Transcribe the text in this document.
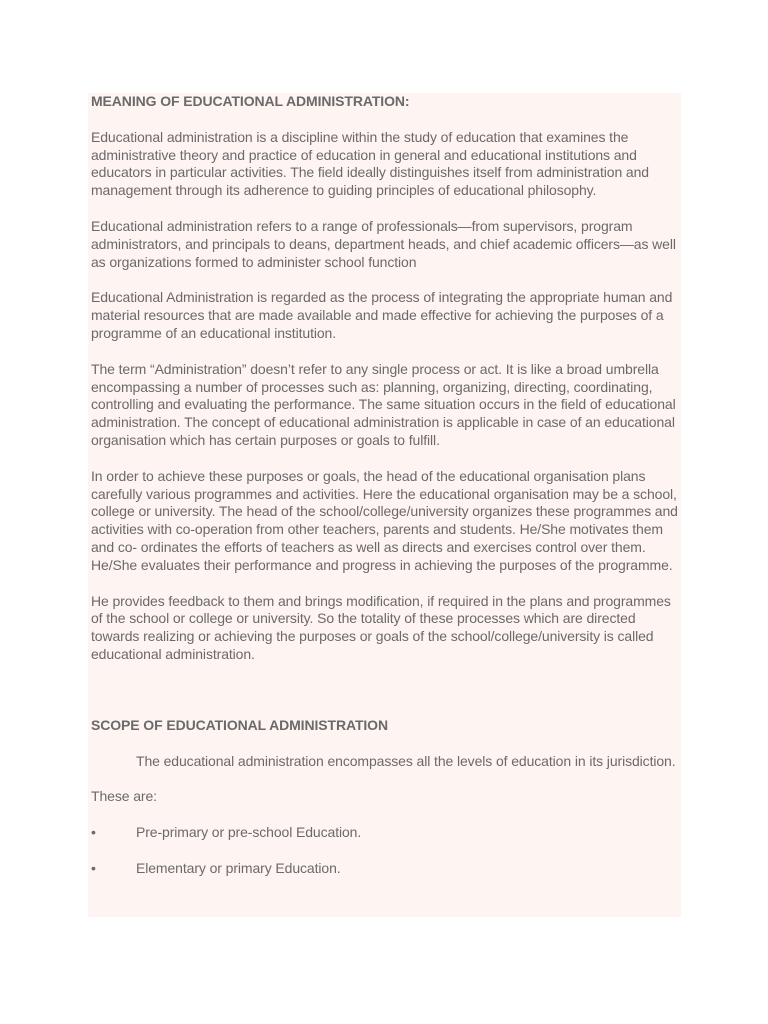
MEANING OF EDUCATIONAL ADMINISTRATION:

Educational administration is a discipline within the study of education that examines the administrative theory and practice of education in general and educational institutions and educators in particular activities. The field ideally distinguishes itself from administration and management through its adherence to guiding principles of educational philosophy.

Educational administration refers to a range of professionals—from supervisors, program administrators, and principals to deans, department heads, and chief academic officers—as well as organizations formed to administer school function

Educational Administration is regarded as the process of integrating the appropriate human and material resources that are made available and made effective for achieving the purposes of a programme of an educational institution.

The term “Administration” doesn’t refer to any single process or act. It is like a broad umbrella encompassing a number of processes such as: planning, organizing, directing, coordinating, controlling and evaluating the performance. The same situation occurs in the field of educational administration. The concept of educational administration is applicable in case of an educational organisation which has certain purposes or goals to fulfill.

In order to achieve these purposes or goals, the head of the educational organisation plans carefully various programmes and activities. Here the educational organisation may be a school, college or university. The head of the school/college/university organizes these programmes and activities with co-operation from other teachers, parents and students. He/She motivates them and co- ordinates the efforts of teachers as well as directs and exercises control over them. He/She evaluates their performance and progress in achieving the purposes of the programme.

He provides feedback to them and brings modification, if required in the plans and programmes of the school or college or university. So the totality of these processes which are directed towards realizing or achieving the purposes or goals of the school/college/university is called educational administration.

SCOPE OF EDUCATIONAL ADMINISTRATION

The educational administration encompasses all the levels of education in its jurisdiction.

These are:

•	Pre-primary or pre-school Education.

•	Elementary or primary Education.
